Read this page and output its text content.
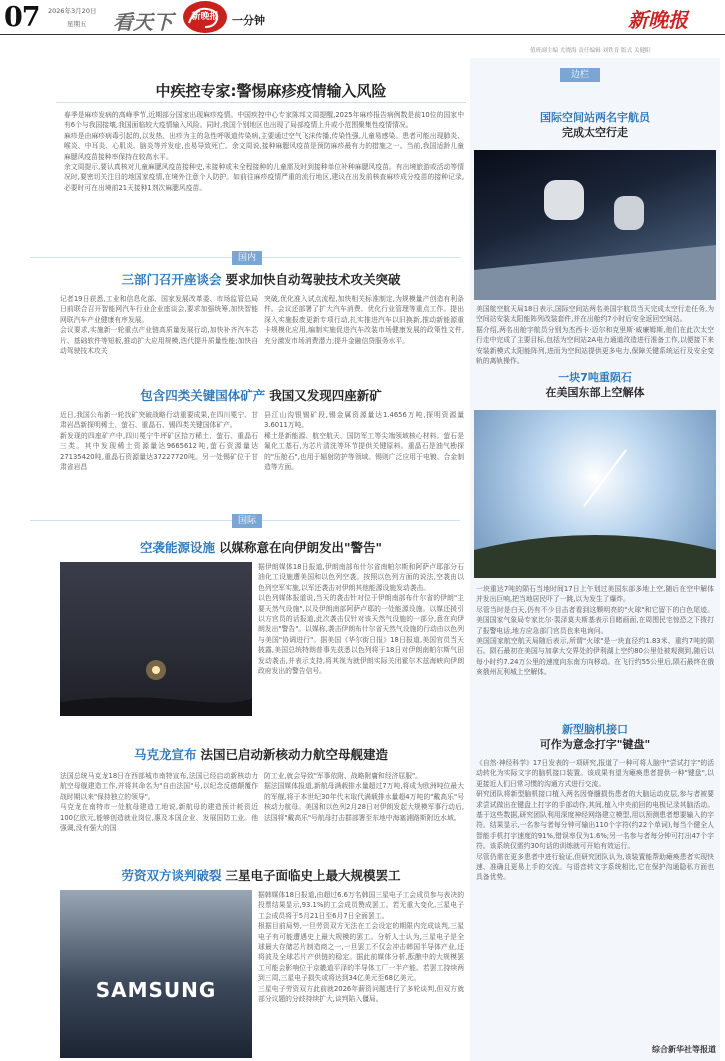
07 2026年3月20日
星期五 看天下	新晚报	一分钟	新晚报
值班副主编 尤晓海 责任编辑 刘铁肯 版式 关健阳
中疾控专家:警惕麻疹疫情输入风险
春季是麻疹发病的高峰季节,近期部分国家出现麻疹疫情。中国疾控中心专家陈邦文周提醒,2025年麻疹报告病例数是前10位的国家中有6个与我国接壤,我国面临较大疫情输入风险。同时,我国个别地区也出现了局部疫情上升或小范围聚集性疫情情况。
麻疹是由麻疹病毒引起的,以发热、出疹为主的急性呼吸道传染病,主要通过空气飞沫传播,传染性强,儿童易感染。患者可能出现肺炎、喉炎、中耳炎、心肌炎、脑炎等并发症,也易导致死亡。余文周说,接种麻腮风疫苗是预防麻疹最有力的措施之一。当前,我国适龄儿童麻腮风疫苗接种率保持在较高水平。
余文周提示,要认真核对儿童麻腮风疫苗接种史,未接种或未全程接种的儿童需及时到接种单位补种麻腮风疫苗。有出境旅游或活动等情况时,要密切关注目的地国家疫情,在境外注意个人防护。如前往麻疹疫情严重的流行地区,建议在出发前核查麻疹成分疫苗的接种记录,必要时可在出境前21天接种1剂次麻腮风疫苗。
国内
三部门召开座谈会 要求加快自动驾驶技术攻关突破
记者19日获悉,工业和信息化部、国家发展改革委、市场监管总局日前联合召开智能网汽车行业企业座谈会,要求加强统筹,加快智能网联汽车产业健康有序发展。
会议要求,实施新一轮重点产业链高质量发展行动,加快补齐汽车芯片、基础软件等短板,推动扩大应用规模,迭代提升质量性能;加快自动驾驶技术攻关
突破,优化准入试点流程,加快相关标准制定,为规模量产创造有利条件。会议还部署了扩大汽车消费、优化行业管理等重点工作。提出深入实施报废更新专项行动,扎实推进汽车以旧换新,推动新能源重卡规模化应用,编制实施促进汽车改装市场健康发展的政策性文件,充分激发市场消费潜力;提升金融信贷服务水平。
包含四类关键国体矿产 我国又发现四座新矿
近日,我国公布新一轮找矿突破战略行动重要成果,在四川冕宁、甘肃岩昌新探明稀土、萤石、重晶石、锡四类关键国体矿产。
新发现的四座矿产中,四川冕宁牛坪矿区拾万稀土、萤石、重晶石三类。其中发现稀土资源量达9665612吨,萤石资源量达27135420吨,重晶石资源量达37227720吨。另一处锡矿位于甘肃省岩昌
县江山沟银锡矿段,锡金属资源量达1.4656万吨,探明资源量3.6011万吨。
稀土是新能源、航空航天、国防军工等尖端领域核心材料。萤石是氟化工基石,为芯片清洗等环节提供关键原料。重晶石是油气勘探的"压舱石",也用于辐射防护等领域。锡则广泛应用于电镀、合金制造等方面。
国际
空袭能源设施 以媒称意在向伊朗发出"警告"
据伊朗媒体18日报道,伊朗南部布什尔省南帕尔斯和阿萨卢耶部分石油化工设施遭美国和以色列空袭。按照以色列方面的说法,空袭由以色列空军实施,以军还袭击对伊朗其他能源设施发动袭击。
以色列媒体报道说,当天的袭击针对位于伊朗南部布什尔省的伊朗"主要天然气设施",以及伊朗南部阿萨卢耶的一处能源设施。以媒还援引以方官员的话报道,此次袭击仅针对该天然气设施的一部分,意在向伊朗发出"警告"。以媒称,袭击伊朗布什尔省天然气设施的行动由以色列与美国"协调进行"。据美国《华尔街日报》18日报道,美国官员当天披露,美国总统特朗普事先获悉以色列将于18日对伊朗南帕尔斯气田发动袭击,并表示支持,将其视为就伊朗实际关闭霍尔木兹海峡向伊朗政府发出的警告信号。
马克龙宣布 法国已启动新核动力航空母舰建造
法国总统马克龙18日在西部城市南特宣布,法国已经启动新核动力航空母舰建造工作,并将其命名为"自由法国"号,以纪念反德颠覆作战时期以来"保持独立的领导"。
马克龙在南特市一处航母建造工地说,新航母的建造预计耗资近100亿欧元,能够创造就业岗位,惠及本国企业、发展国防工业。他强调,没有强大的国
防工业,就会导致"军事依附、战略附庸和经济屈服"。
据法国媒体报道,新航母满载排水量超过7万吨,将成为欧洲吨位最大的军舰,将于本世纪30年代末取代满载排水量超4万吨的"戴高乐"号核动力航母。美国和以色列2月28日对伊朗发起大规模军事行动后,法国将"戴高乐"号航母打击群部署至东地中海塞浦路斯附近水域。
劳资双方谈判破裂 三星电子面临史上最大规模罢工
SAMSUNG
据韩媒体18日报道,由超过6.6万名韩国三星电子工会成员参与表决的投票结果显示,93.1%的工会成员赞成罢工。若无重大变化,三星电子工会成员将于5月21日至6月7日全面罢工。
根据目前局势,一旦劳资双方无法在工会设定的期限内完成谈判,三星电子有可能遭遇史上最大规模的罢工。分析人士认为,三星电子是全球最大存储芯片制造商之一,一旦罢工不仅会冲击韩国半导体产业,还将波及全球芯片产供链的稳定。据此前媒体分析,酝酿中的大规模罢工可能会影响位于京畿道平泽的半导体工厂一半产能。若罢工持续两到三周,三星电子损失或将达到34亿美元至68亿美元。
三星电子劳资双方此前就2026年薪资问题进行了多轮谈判,但双方就部分议题的分歧持续扩大,谈判陷入僵局。
边栏
国际空间站两名宇航员
完成太空行走
美国航空航天局18日表示,国际空间站两名美国宇航员当天完成太空行走任务,为空间站安装太阳能阵列改装套件,并在出舱约7小时后安全返回空间站。
据介绍,两名出舱宇航员分别为杰西卡·迈尔和克里斯·威廉姆斯,他们在此次太空行走中完成了主要目标,包括为空间站2A电力通道改造进行准备工作,以便接下来安装新模式太阳能阵列,进而为空间站提供更多电力,保障关键系统运行及安全变轨的离轨操作。
一块7吨重陨石
在美国东部上空解体
一块重达7吨的陨石当地时间17日上午划过美国东部多地上空,随后在空中解体并发出巨响,把当地居民吓了一跳,以为发生了爆炸。
尽管当时是白天,仍有不少目击者看到这颗明亮的"火球"和它留下的白色尾迹。美国国家气象局专家比尔·裴泽莫夫斯基表示目睹画面,在周围民宅惊恐之下拨打了报警电话,地方应急部门官员也来电询问。
美国国家航空航天局随后表示,所谓"火球"是一块直径约1.83米、重约7吨的陨石。陨石最初在美国与加拿大交界处的伊利湖上空约80公里处被观测到,随后以每小时约7.24万公里的速度向东南方向移动。在飞行约55公里后,陨石最终在俄亥俄州瓦利城上空解体。
新型脑机接口
可作为意念打字"键盘"
《自然·神经科学》17日发表的一项研究,报道了一种可将人脑中"尝试打字"的活动转化为实际文字的脑机接口装置。该成果有望为瘫痪患者提供一种"键盘",以更接近人们日常习惯的沟通方式进行交流。
研究团队将新型脑机接口植入两名因脊髓损伤患者的大脑运动皮层,参与者被要求尝试做出在键盘上打字的手部动作,其间,植入中央前回的电极记录其脑活动。基于这些数据,研究团队利用深度神经网络建立模型,用以预测患者想要输入的字符。结果显示,一名参与者每分钟可输出110个字符(约22个单词),每当个健全人智能手机打字速度的91%,错误率仅为1.6%;另一名参与者每分钟可打出47个字符。该系统仅需约30句话的训练就可开始有效运行。
尽管仍需在更多患者中进行验证,但研究团队认为,该装置能帮助瘫痪患者实现快速、准确且更易上手的交流。与语音转文字系统相比,它在保护沟通隐私方面也具备优势。
综合新华社等报道
